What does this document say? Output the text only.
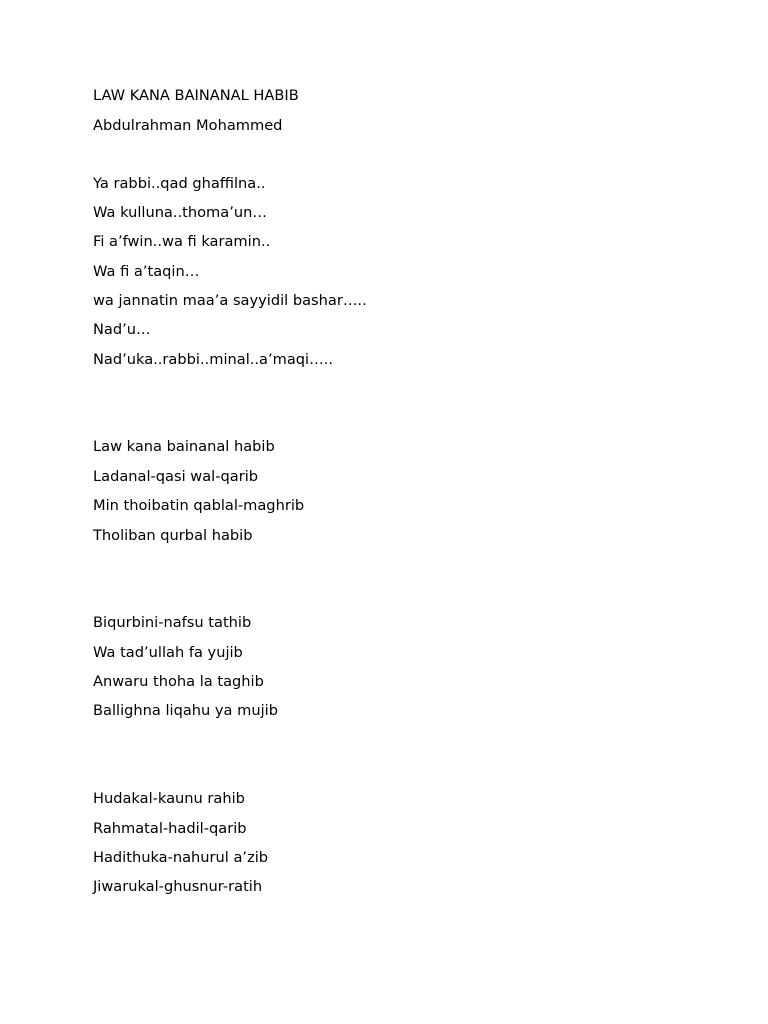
LAW KANA BAINANAL HABIB

Abdulrahman Mohammed

Ya rabbi..qad ghaffilna..

Wa kulluna..thoma’un…

Fi a’fwin..wa fi karamin..

Wa fi a’taqin…

wa jannatin maa’a sayyidil bashar…..

Nad’u…

Nad’uka..rabbi..minal..a’maqi…..

Law kana bainanal habib

Ladanal-qasi wal-qarib

Min thoibatin qablal-maghrib

Tholiban qurbal habib

Biqurbini-nafsu tathib

Wa tad’ullah fa yujib

Anwaru thoha la taghib

Ballighna liqahu ya mujib

Hudakal-kaunu rahib

Rahmatal-hadil-qarib

Hadithuka-nahurul a’zib

Jiwarukal-ghusnur-ratih
